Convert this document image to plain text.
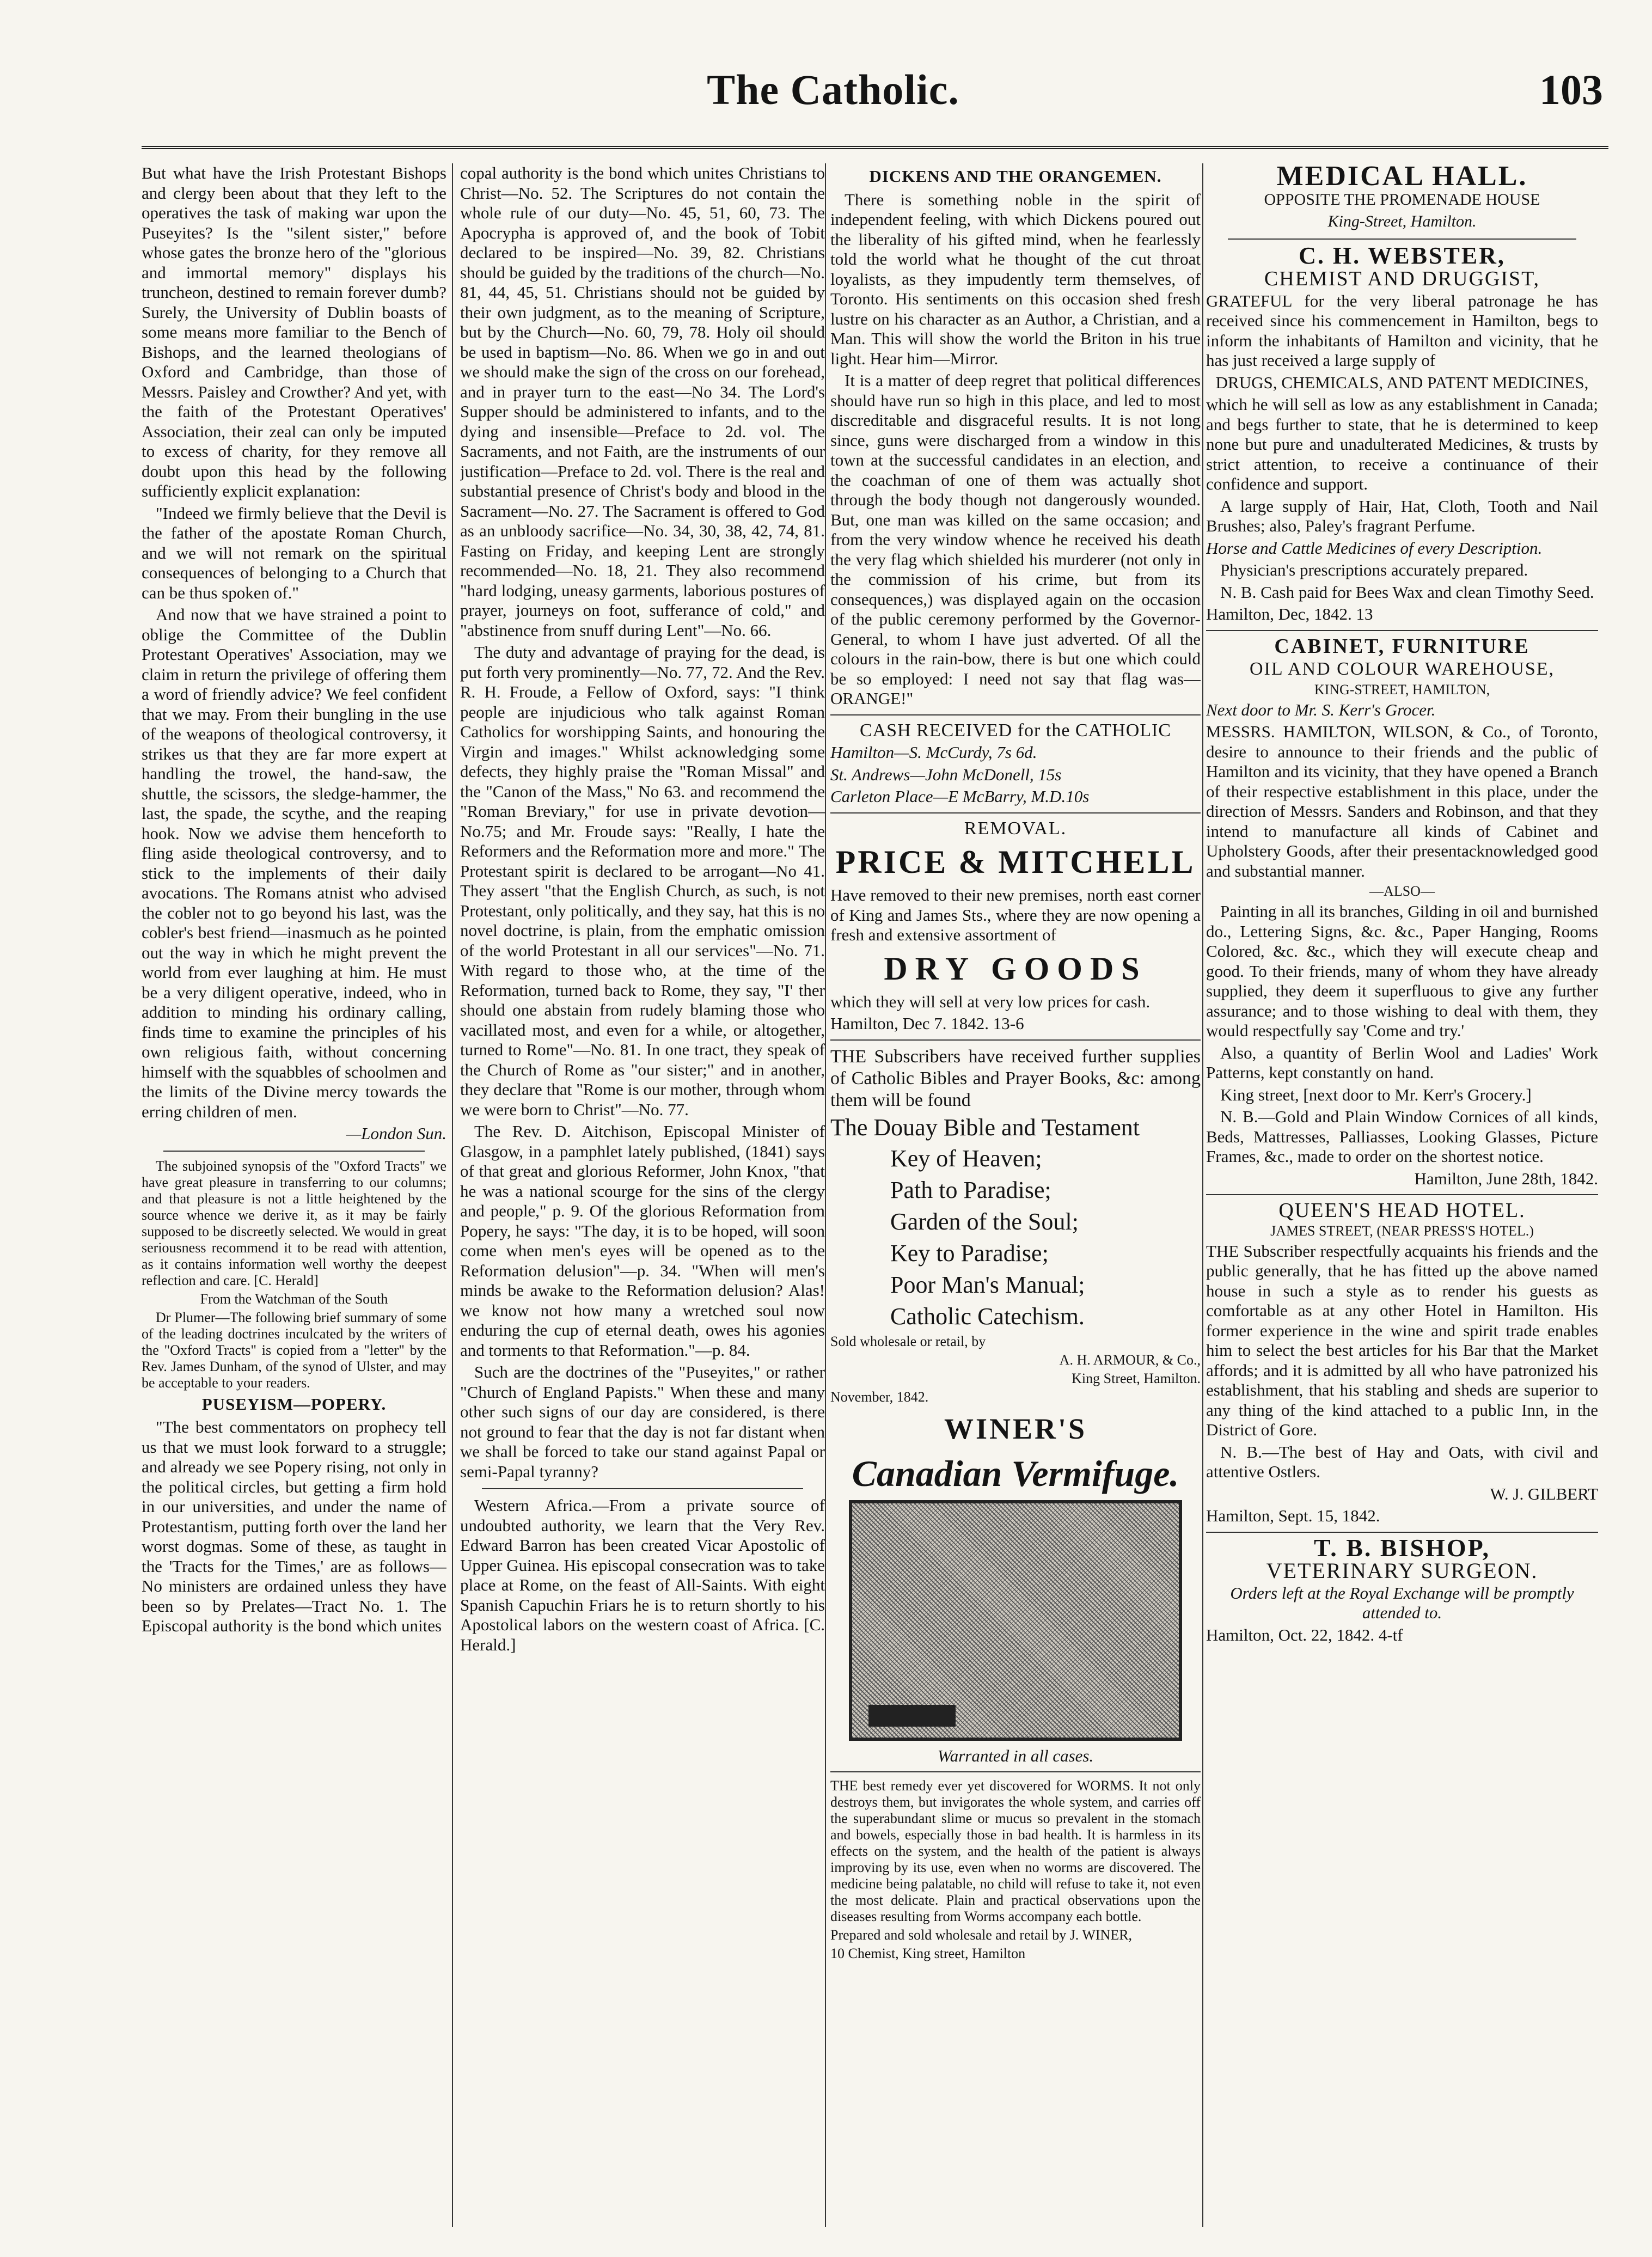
The Catholic.	103

But what have the Irish Protestant Bishops and clergy been about that they left to the operatives the task of making war upon the Puseyites? Is the "silent sister," before whose gates the bronze hero of the "glorious and immortal memory" displays his truncheon, destined to remain forever dumb? Surely, the University of Dublin boasts of some means more familiar to the Bench of Bishops, and the learned theologians of Oxford and Cambridge, than those of Messrs. Paisley and Crowther? And yet, with the faith of the Protestant Operatives' Association, their zeal can only be imputed to excess of charity, for they remove all doubt upon this head by the following sufficiently explicit explanation:

"Indeed we firmly believe that the Devil is the father of the apostate Roman Church, and we will not remark on the spiritual consequences of belonging to a Church that can be thus spoken of."

And now that we have strained a point to oblige the Committee of the Dublin Protestant Operatives' Association, may we claim in return the privilege of offering them a word of friendly advice? We feel confident that we may. From their bungling in the use of the weapons of theological controversy, it strikes us that they are far more expert at handling the trowel, the hand-saw, the shuttle, the scissors, the sledge-hammer, the last, the spade, the scythe, and the reaping hook. Now we advise them henceforth to fling aside theological controversy, and to stick to the implements of their daily avocations. The Romans atnist who advised the cobler not to go beyond his last, was the cobler's best friend—inasmuch as he pointed out the way in which he might prevent the world from ever laughing at him. He must be a very diligent operative, indeed, who in addition to minding his ordinary calling, finds time to examine the principles of his own religious faith, without concerning himself with the squabbles of schoolmen and the limits of the Divine mercy towards the erring children of men.

—London Sun.

The subjoined synopsis of the "Oxford Tracts" we have great pleasure in transferring to our columns; and that pleasure is not a little heightened by the source whence we derive it, as it may be fairly supposed to be discreetly selected. We would in great seriousness recommend it to be read with attention, as it contains information well worthy the deepest reflection and care. [C. Herald]

From the Watchman of the South

Dr Plumer—The following brief summary of some of the leading doctrines inculcated by the writers of the "Oxford Tracts" is copied from a "letter" by the Rev. James Dunham, of the synod of Ulster, and may be acceptable to your readers.

PUSEYISM—POPERY.

"The best commentators on prophecy tell us that we must look forward to a struggle; and already we see Popery rising, not only in the political circles, but getting a firm hold in our universities, and under the name of Protestantism, putting forth over the land her worst dogmas. Some of these, as taught in the 'Tracts for the Times,' are as follows—No ministers are ordained unless they have been so by Prelates—Tract No. 1. The Episcopal authority is the bond which unites

copal authority is the bond which unites Christians to Christ—No. 52. The Scriptures do not contain the whole rule of our duty—No. 45, 51, 60, 73. The Apocrypha is approved of, and the book of Tobit declared to be inspired—No. 39, 82. Christians should be guided by the traditions of the church—No. 81, 44, 45, 51. Christians should not be guided by their own judgment, as to the meaning of Scripture, but by the Church—No. 60, 79, 78. Holy oil should be used in baptism—No. 86. When we go in and out we should make the sign of the cross on our forehead, and in prayer turn to the east—No 34. The Lord's Supper should be administered to infants, and to the dying and insensible—Preface to 2d. vol. The Sacraments, and not Faith, are the instruments of our justification—Preface to 2d. vol. There is the real and substantial presence of Christ's body and blood in the Sacrament—No. 27. The Sacrament is offered to God as an unbloody sacrifice—No. 34, 30, 38, 42, 74, 81. Fasting on Friday, and keeping Lent are strongly recommended—No. 18, 21. They also recommend "hard lodging, uneasy garments, laborious postures of prayer, journeys on foot, sufferance of cold," and "abstinence from snuff during Lent"—No. 66.

The duty and advantage of praying for the dead, is put forth very prominently—No. 77, 72. And the Rev. R. H. Froude, a Fellow of Oxford, says: "I think people are injudicious who talk against Roman Catholics for worshipping Saints, and honouring the Virgin and images." Whilst acknowledging some defects, they highly praise the "Roman Missal" and the "Canon of the Mass," No 63. and recommend the "Roman Breviary," for use in private devotion—No.75; and Mr. Froude says: "Really, I hate the Reformers and the Reformation more and more." The Protestant spirit is declared to be arrogant—No 41. They assert "that the English Church, as such, is not Protestant, only politically, and they say, hat this is no novel doctrine, is plain, from the emphatic omission of the world Protestant in all our services"—No. 71. With regard to those who, at the time of the Reformation, turned back to Rome, they say, "I' ther should one abstain from rudely blaming those who vacillated most, and even for a while, or altogether, turned to Rome"—No. 81. In one tract, they speak of the Church of Rome as "our sister;" and in another, they declare that "Rome is our mother, through whom we were born to Christ"—No. 77.

The Rev. D. Aitchison, Episcopal Minister of Glasgow, in a pamphlet lately published, (1841) says of that great and glorious Reformer, John Knox, "that he was a national scourge for the sins of the clergy and people," p. 9. Of the glorious Reformation from Popery, he says: "The day, it is to be hoped, will soon come when men's eyes will be opened as to the Reformation delusion"—p. 34. "When will men's minds be awake to the Reformation delusion? Alas! we know not how many a wretched soul now enduring the cup of eternal death, owes his agonies and torments to that Reformation."—p. 84.

Such are the doctrines of the "Puseyites," or rather "Church of England Papists." When these and many other such signs of our day are considered, is there not ground to fear that the day is not far distant when we shall be forced to take our stand against Papal or semi-Papal tyranny?

Western Africa.—From a private source of undoubted authority, we learn that the Very Rev. Edward Barron has been created Vicar Apostolic of Upper Guinea. His episcopal consecration was to take place at Rome, on the feast of All-Saints. With eight Spanish Capuchin Friars he is to return shortly to his Apostolical labors on the western coast of Africa. [C. Herald.]

DICKENS AND THE ORANGEMEN.

There is something noble in the spirit of independent feeling, with which Dickens poured out the liberality of his gifted mind, when he fearlessly told the world what he thought of the cut throat loyalists, as they impudently term themselves, of Toronto. His sentiments on this occasion shed fresh lustre on his character as an Author, a Christian, and a Man. This will show the world the Briton in his true light. Hear him—Mirror.

It is a matter of deep regret that political differences should have run so high in this place, and led to most discreditable and disgraceful results. It is not long since, guns were discharged from a window in this town at the successful candidates in an election, and the coachman of one of them was actually shot through the body though not dangerously wounded. But, one man was killed on the same occasion; and from the very window whence he received his death the very flag which shielded his murderer (not only in the commission of his crime, but from its consequences,) was displayed again on the occasion of the public ceremony performed by the Governor-General, to whom I have just adverted. Of all the colours in the rain-bow, there is but one which could be so employed: I need not say that flag was—ORANGE!"

CASH RECEIVED for the CATHOLIC

Hamilton—S. McCurdy, 7s 6d.

St. Andrews—John McDonell, 15s

Carleton Place—E McBarry, M.D.10s

REMOVAL.

PRICE & MITCHELL

Have removed to their new premises, north east corner of King and James Sts., where they are now opening a fresh and extensive assortment of

DRY GOODS

which they will sell at very low prices for cash.

Hamilton, Dec 7. 1842. 13-6

THE Subscribers have received further supplies of Catholic Bibles and Prayer Books, &c: among them will be found

The Douay Bible and Testament

Key of Heaven;

Path to Paradise;

Garden of the Soul;

Key to Paradise;

Poor Man's Manual;

Catholic Catechism.

Sold wholesale or retail, by

A. H. ARMOUR, & Co.,

King Street, Hamilton.

November, 1842.

WINER'S

Canadian Vermifuge.

Warranted in all cases.

THE best remedy ever yet discovered for WORMS. It not only destroys them, but invigorates the whole system, and carries off the superabundant slime or mucus so prevalent in the stomach and bowels, especially those in bad health. It is harmless in its effects on the system, and the health of the patient is always improving by its use, even when no worms are discovered. The medicine being palatable, no child will refuse to take it, not even the most delicate. Plain and practical observations upon the diseases resulting from Worms accompany each bottle.

Prepared and sold wholesale and retail by J. WINER,

10 Chemist, King street, Hamilton

MEDICAL HALL.

OPPOSITE THE PROMENADE HOUSE

King-Street, Hamilton.

C. H. WEBSTER,

CHEMIST AND DRUGGIST,

GRATEFUL for the very liberal patronage he has received since his commencement in Hamilton, begs to inform the inhabitants of Hamilton and vicinity, that he has just received a large supply of

DRUGS, CHEMICALS, AND PATENT MEDICINES,

which he will sell as low as any establishment in Canada; and begs further to state, that he is determined to keep none but pure and unadulterated Medicines, & trusts by strict attention, to receive a continuance of their confidence and support.

A large supply of Hair, Hat, Cloth, Tooth and Nail Brushes; also, Paley's fragrant Perfume.

Horse and Cattle Medicines of every Description.

Physician's prescriptions accurately prepared.

N. B. Cash paid for Bees Wax and clean Timothy Seed.

Hamilton, Dec, 1842. 13

CABINET, FURNITURE

OIL AND COLOUR WAREHOUSE,

KING-STREET, HAMILTON,

Next door to Mr. S. Kerr's Grocer.

MESSRS. HAMILTON, WILSON, & Co., of Toronto, desire to announce to their friends and the public of Hamilton and its vicinity, that they have opened a Branch of their respective establishment in this place, under the direction of Messrs. Sanders and Robinson, and that they intend to manufacture all kinds of Cabinet and Upholstery Goods, after their presentacknowledged good and substantial manner.

—ALSO—

Painting in all its branches, Gilding in oil and burnished do., Lettering Signs, &c. &c., Paper Hanging, Rooms Colored, &c. &c., which they will execute cheap and good. To their friends, many of whom they have already supplied, they deem it superfluous to give any further assurance; and to those wishing to deal with them, they would respectfully say 'Come and try.'

Also, a quantity of Berlin Wool and Ladies' Work Patterns, kept constantly on hand.

King street, [next door to Mr. Kerr's Grocery.]

N. B.—Gold and Plain Window Cornices of all kinds, Beds, Mattresses, Palliasses, Looking Glasses, Picture Frames, &c., made to order on the shortest notice.

Hamilton, June 28th, 1842.

QUEEN'S HEAD HOTEL.

JAMES STREET, (NEAR PRESS'S HOTEL.)

THE Subscriber respectfully acquaints his friends and the public generally, that he has fitted up the above named house in such a style as to render his guests as comfortable as at any other Hotel in Hamilton. His former experience in the wine and spirit trade enables him to select the best articles for his Bar that the Market affords; and it is admitted by all who have patronized his establishment, that his stabling and sheds are superior to any thing of the kind attached to a public Inn, in the District of Gore.

N. B.—The best of Hay and Oats, with civil and attentive Ostlers.

W. J. GILBERT

Hamilton, Sept. 15, 1842.

T. B. BISHOP,

VETERINARY SURGEON.

Orders left at the Royal Exchange will be promptly attended to.

Hamilton, Oct. 22, 1842. 4-tf
